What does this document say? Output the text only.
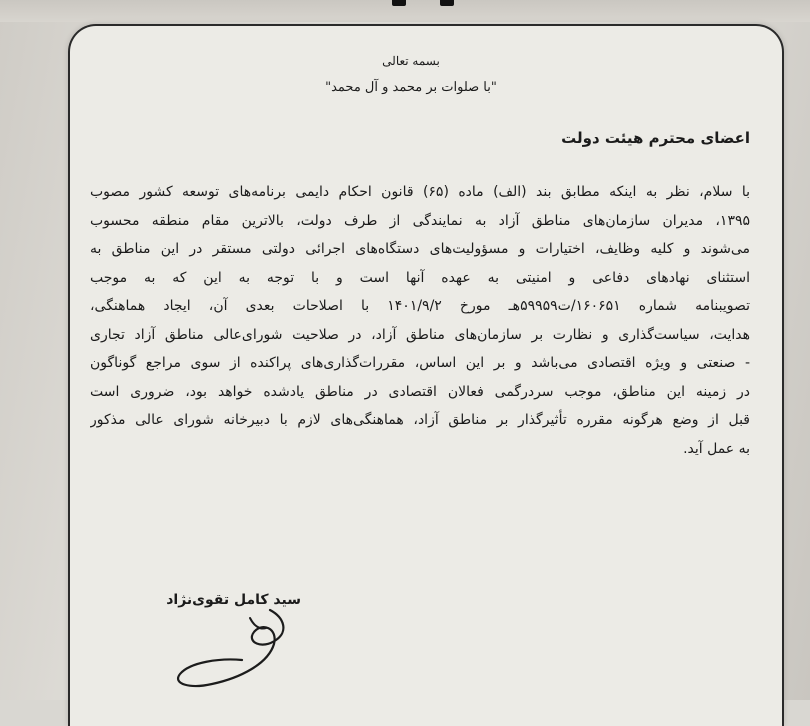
بسمه تعالی
"با صلوات بر محمد و آل محمد"
اعضای محترم هیئت دولت
با سلام، نظر به اینکه مطابق بند (الف) ماده (۶۵) قانون احکام دایمی برنامه‌های توسعه کشور مصوب
۱۳۹۵، مدیران سازمان‌های مناطق آزاد به نمایندگی از طرف دولت، بالاترین مقام منطقه محسوب
می‌شوند و کلیه وظایف، اختیارات و مسؤولیت‌های دستگاه‌های اجرائی دولتی مستقر در این مناطق به
استثنای نهادهای دفاعی و امنیتی به عهده آنها است و با توجه به این که به موجب
تصویبنامه شماره ۱۶۰۶۵۱/ت۵۹۹۵۹هـ مورخ ۱۴۰۱/۹/۲ با اصلاحات بعدی آن، ایجاد هماهنگی،
هدایت، سیاست‌گذاری و نظارت بر سازمان‌های مناطق آزاد، در صلاحیت شورای‌عالی مناطق آزاد تجاری
- صنعتی و ویژه اقتصادی می‌باشد و بر این اساس، مقررات‌گذاری‌های پراکنده از سوی مراجع گوناگون
در زمینه این مناطق، موجب سردرگمی فعالان اقتصادی در مناطق یادشده خواهد بود، ضروری است
قبل از وضع هرگونه مقرره تأثیرگذار بر مناطق آزاد، هماهنگی‌های لازم با دبیرخانه شورای عالی مذکور
به عمل آید.
سید کامل تقوی‌نژاد
